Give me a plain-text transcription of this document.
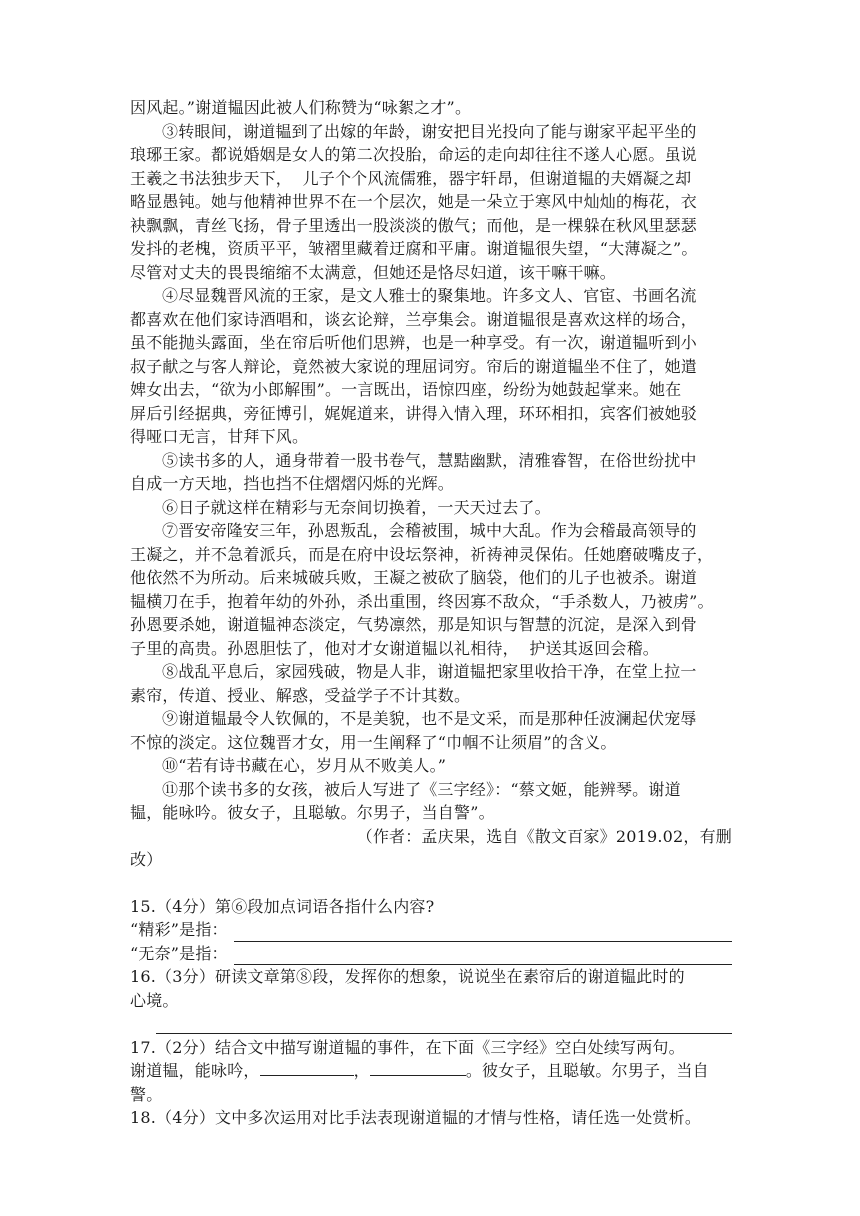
因风起。”谢道韫因此被人们称赞为“咏絮之才”。
③转眼间，谢道韫到了出嫁的年龄，谢安把目光投向了能与谢家平起平坐的
琅琊王家。都说婚姻是女人的第二次投胎，命运的走向却往往不遂人心愿。虽说
王羲之书法独步天下，  儿子个个风流儒雅，器宇轩昂，但谢道韫的夫婿凝之却
略显愚钝。她与他精神世界不在一个层次，她是一朵立于寒风中灿灿的梅花，衣
袂飘飘，青丝飞扬，骨子里透出一股淡淡的傲气；而他，是一棵躲在秋风里瑟瑟
发抖的老槐，资质平平，皱褶里藏着迂腐和平庸。谢道韫很失望，“大薄凝之”。
尽管对丈夫的畏畏缩缩不太满意，但她还是恪尽妇道，该干嘛干嘛。
④尽显魏晋风流的王家，是文人雅士的聚集地。许多文人、官宦、书画名流
都喜欢在他们家诗酒唱和，谈玄论辩，兰亭集会。谢道韫很是喜欢这样的场合，
虽不能抛头露面，坐在帘后听他们思辨，也是一种享受。有一次，谢道韫听到小
叔子献之与客人辩论，竟然被大家说的理屈词穷。帘后的谢道韫坐不住了，她遣
婢女出去，“欲为小郎解围”。一言既出，语惊四座，纷纷为她鼓起掌来。她在
屏后引经据典，旁征博引，娓娓道来，讲得入情入理，环环相扣，宾客们被她驳
得哑口无言，甘拜下风。
⑤读书多的人，通身带着一股书卷气，慧黠幽默，清雅睿智，在俗世纷扰中
自成一方天地，挡也挡不住熠熠闪烁的光辉。
⑥日子就这样在精彩与无奈间切换着，一天天过去了。
⑦晋安帝隆安三年，孙恩叛乱，会稽被围，城中大乱。作为会稽最高领导的
王凝之，并不急着派兵，而是在府中设坛祭神，祈祷神灵保佑。任她磨破嘴皮子，
他依然不为所动。后来城破兵败，王凝之被砍了脑袋，他们的儿子也被杀。谢道
韫横刀在手，抱着年幼的外孙，杀出重围，终因寡不敌众，“手杀数人，乃被虏”。
孙恩要杀她，谢道韫神态淡定，气势凛然，那是知识与智慧的沉淀，是深入到骨
子里的高贵。孙恩胆怯了，他对才女谢道韫以礼相待，  护送其返回会稽。
⑧战乱平息后，家园残破，物是人非，谢道韫把家里收拾干净，在堂上拉一
素帘，传道、授业、解惑，受益学子不计其数。
⑨谢道韫最令人钦佩的，不是美貌，也不是文采，而是那种任波澜起伏宠辱
不惊的淡定。这位魏晋才女，用一生阐释了“巾帼不让须眉”的含义。
⑩“若有诗书藏在心，岁月从不败美人。”
⑪那个读书多的女孩，被后人写进了《三字经》：“蔡文姬，能辨琴。谢道
韫，能咏吟。彼女子，且聪敏。尔男子，当自警”。
（作者：孟庆果，选自《散文百家》2019.02，有删
改）
15.（4分）第⑥段加点词语各指什么内容?
“精彩”是指：
“无奈”是指：
16.（3分）研读文章第⑧段，发挥你的想象，说说坐在素帘后的谢道韫此时的
心境。
17.（2分）结合文中描写谢道韫的事件，在下面《三字经》空白处续写两句。
谢道韫，能咏吟，	，	。彼女子，且聪敏。尔男子，当自
警。
18.（4分）文中多次运用对比手法表现谢道韫的才情与性格，请任选一处赏析。
